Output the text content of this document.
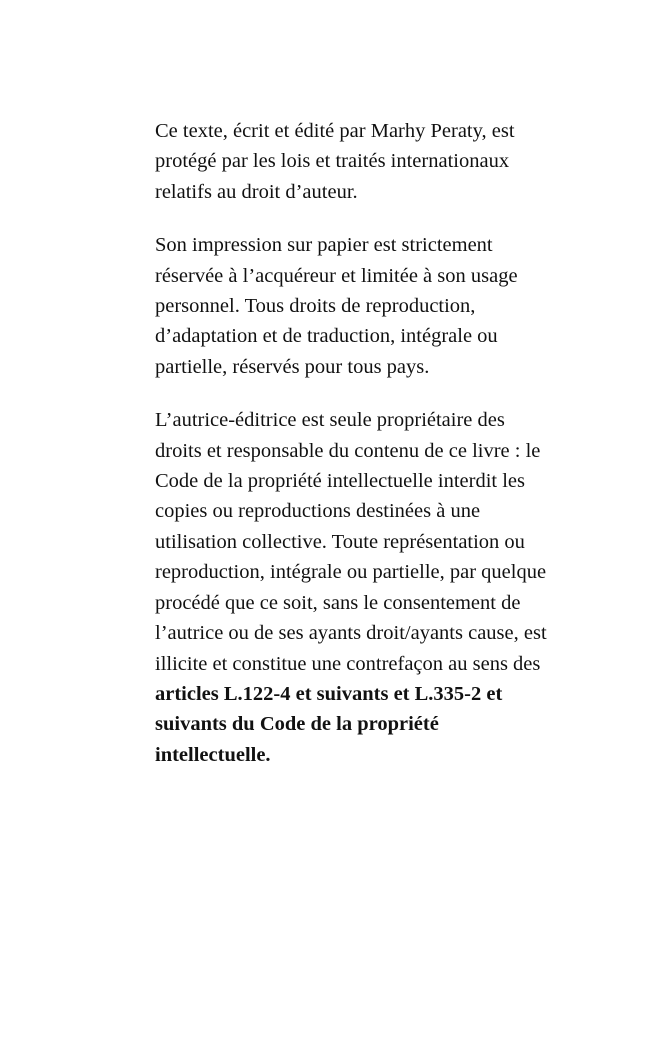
Ce texte, écrit et édité par Marhy Peraty, est
protégé par les lois et traités internationaux
relatifs au droit d’auteur.

Son impression sur papier est strictement
réservée à l’acquéreur et limitée à son usage
personnel. Tous droits de reproduction,
d’adaptation et de traduction, intégrale ou
partielle, réservés pour tous pays.

L’autrice-éditrice est seule propriétaire des
droits et responsable du contenu de ce livre : le
Code de la propriété intellectuelle interdit les
copies ou reproductions destinées à une
utilisation collective. Toute représentation ou
reproduction, intégrale ou partielle, par quelque
procédé que ce soit, sans le consentement de
l’autrice ou de ses ayants droit/ayants cause, est
illicite et constitue une contrefaçon au sens des
articles L.122-4 et suivants et L.335-2 et
suivants du Code de la propriété
intellectuelle.
